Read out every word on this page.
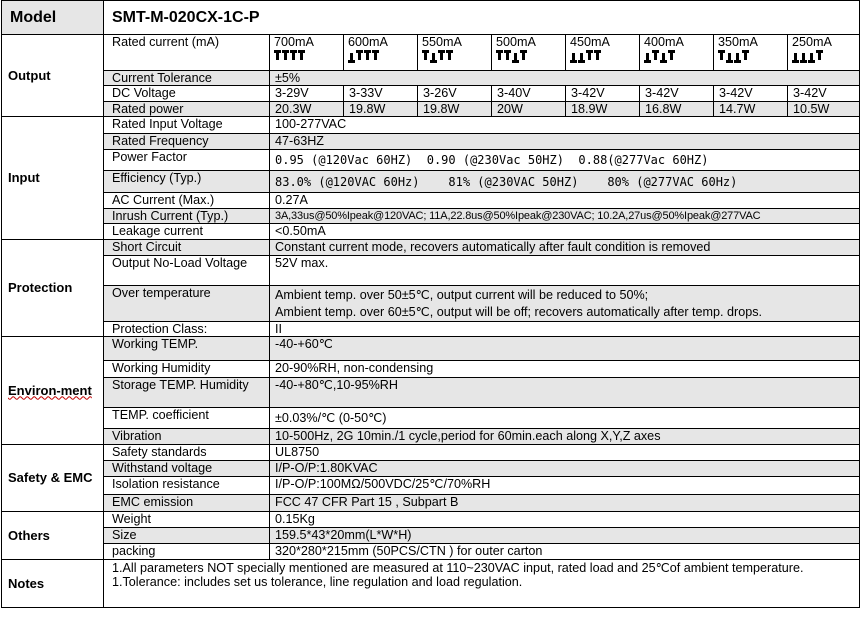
Model	SMT-M-020CX-1C-P								
Output	Rated current (mA)	700mA	600mA	550mA	500mA	450mA	400mA	350mA	250mA

	Current Tolerance	±5%							
	DC Voltage	3-29V	3-33V	3-26V	3-40V	3-42V	3-42V	3-42V	3-42V
	Rated power	20.3W	19.8W	19.8W	20W	18.9W	16.8W	14.7W	10.5W
Input	Rated Input Voltage	100-277VAC							
	Rated Frequency	47-63HZ							
	Power Factor	0.95 (@120Vac 60HZ)  0.90 (@230Vac 50HZ)  0.88(@277Vac 60HZ)							
	Efficiency (Typ.)	83.0% (@120VAC 60Hz)    81% (@230VAC 50HZ)    80% (@277VAC 60Hz)							
	AC Current (Max.)	0.27A							
	Inrush Current (Typ.)	3A,33us@50%Ipeak@120VAC; 11A,22.8us@50%Ipeak@230VAC; 10.2A,27us@50%Ipeak@277VAC							
	Leakage current	<0.50mA							
Protection	Short Circuit	Constant current mode, recovers automatically after fault condition is removed							
	Output No-Load Voltage	52V max.							
	Over temperature	Ambient temp. over 50±5℃, output current will be reduced to 50%;
Ambient temp. over 60±5℃, output will be off; recovers automatically after temp. drops.							

	Protection Class:	II							
Environ-ment	Working TEMP.	-40-+60℃							
	Working Humidity	20-90%RH, non-condensing							
	Storage TEMP. Humidity	-40-+80℃,10-95%RH							
	TEMP. coefficient	±0.03%/℃ (0-50℃)							
	Vibration	10-500Hz, 2G 10min./1 cycle,period for 60min.each along X,Y,Z axes							
Safety & EMC	Safety standards	UL8750							
	Withstand voltage	I/P-O/P:1.80KVAC							
	Isolation resistance	I/P-O/P:100MΩ/500VDC/25℃/70%RH							
	EMC emission	FCC 47 CFR Part 15 , Subpart B							
Others	Weight	0.15Kg							
	Size	159.5*43*20mm(L*W*H)							
	packing	320*280*215mm (50PCS/CTN ) for outer carton							
Notes	1.All parameters NOT specially mentioned are measured at 110~230VAC input, rated load and 25℃of ambient temperature.
1.Tolerance: includes set us tolerance, line regulation and load regulation.								
